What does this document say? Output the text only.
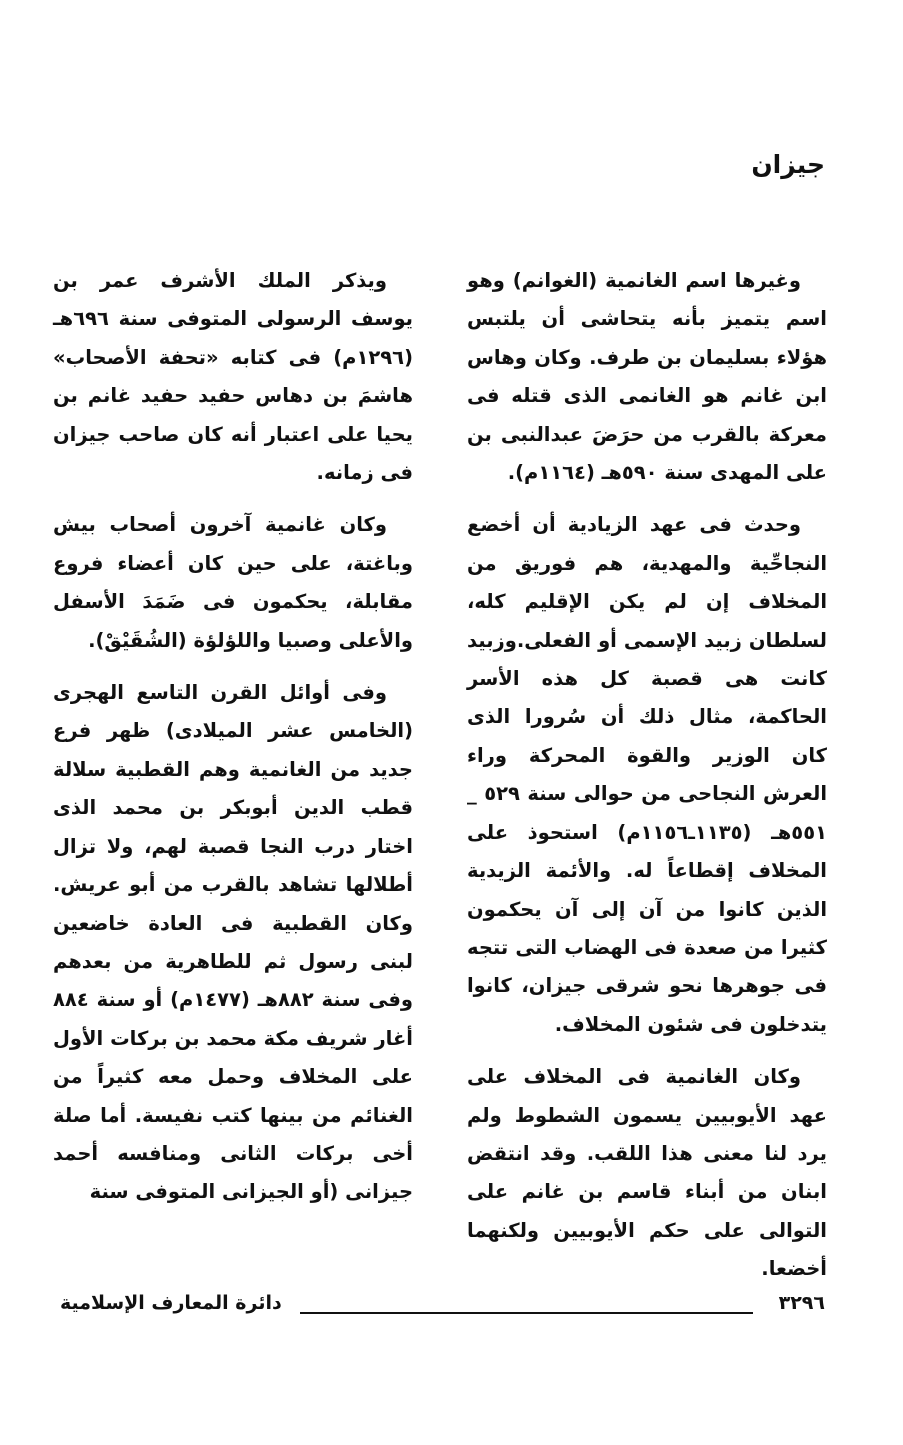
جيزان

وغيرها اسم الغانمية (الغوانم) وهو اسم يتميز بأنه يتحاشى أن يلتبس هؤلاء بسليمان بن طرف. وكان وهاس ابن غانم هو الغانمى الذى قتله فى معركة بالقرب من حرَضَ عبدالنبى بن على المهدى سنة ٥٩٠هـ (١١٦٤م).

وحدث فى عهد الزيادية أن أخضع النجاحِّية والمهدية، هم فوريق من المخلاف إن لم يكن الإقليم كله، لسلطان زبيد الإسمى أو الفعلى.وزبيد كانت هى قصبة كل هذه الأسر الحاكمة، مثال ذلك أن سُرورا الذى كان الوزير والقوة المحركة وراء العرش النجاحى من حوالى سنة ٥٢٩ _ ٥٥١هـ (١١٣٥ـ١١٥٦م) استحوذ على المخلاف إقطاعاً له. والأئمة الزيدية الذين كانوا من آن إلى آن يحكمون كثيرا من صعدة فى الهضاب التى تتجه فى جوهرها نحو شرقى جيزان، كانوا يتدخلون فى شئون المخلاف.

وكان الغانمية فى المخلاف على عهد الأيوبيين يسمون الشطوط ولم يرد لنا معنى هذا اللقب. وقد انتقض ابنان من أبناء قاسم بن غانم على التوالى على حكم الأيوبيين ولكنهما أخضعا.

ويذكر الملك الأشرف عمر بن يوسف الرسولى المتوفى سنة ٦٩٦هـ (١٢٩٦م) فى كتابه «تحفة الأصحاب» هاشمَ بن دهاس حفيد حفيد غانم بن يحيا على اعتبار أنه كان صاحب جيزان فى زمانه.

وكان غانمية آخرون أصحاب بيش وباغتة، على حين كان أعضاء فروع مقابلة، يحكمون فى ضَمَدَ الأسفل والأعلى وصبيا واللؤلؤة (الشُقَيْقْ).

وفى أوائل القرن التاسع الهجرى (الخامس عشر الميلادى) ظهر فرع جديد من الغانمية وهم القطبية سلالة قطب الدين أبوبكر بن محمد الذى اختار درب النجا قصبة لهم، ولا تزال أطلالها تشاهد بالقرب من أبو عريش. وكان القطبية فى العادة خاضعين لبنى رسول ثم للطاهرية من بعدهم وفى سنة ٨٨٢هـ (١٤٧٧م) أو سنة ٨٨٤ أغار شريف مكة محمد بن بركات الأول على المخلاف وحمل معه كثيراً من الغنائم من بينها كتب نفيسة. أما صلة أخى بركات الثانى ومنافسه أحمد جيزانى (أو الجيزانى المتوفى سنة

٣٢٩٦
دائرة المعارف الإسلامية
